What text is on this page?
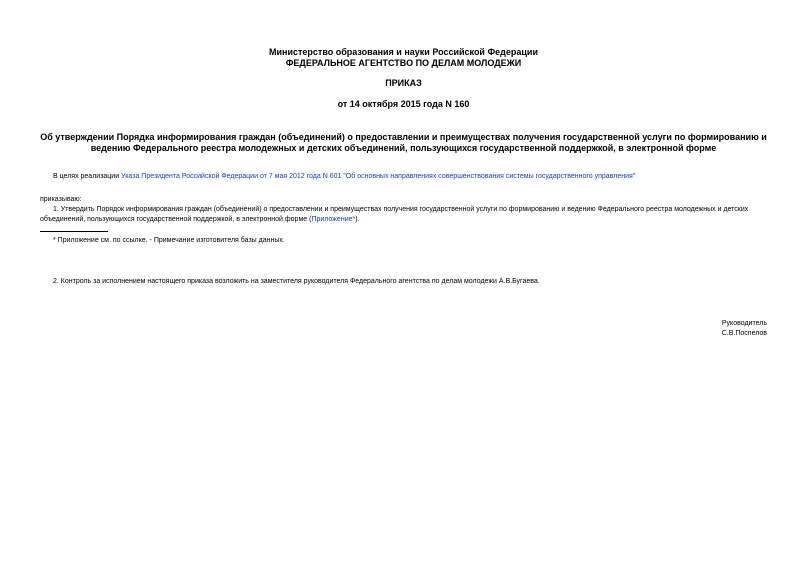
Министерство образования и науки Российской Федерации
ФЕДЕРАЛЬНОЕ АГЕНТСТВО ПО ДЕЛАМ МОЛОДЕЖИ
ПРИКАЗ
от 14 октября 2015 года N 160
Об утверждении Порядка информирования граждан (объединений) о предоставлении и преимуществах получения государственной услуги по формированию и
ведению Федерального реестра молодежных и детских объединений, пользующихся государственной поддержкой, в электронной форме
В целях реализации Указа Президента Российской Федерации от 7 мая 2012 года N 601 "Об основных направлениях совершенствования системы государственного управления"
приказываю:
1. Утвердить Порядок информирования граждан (объединений) о предоставлении и преимуществах получения государственной услуги по формированию и ведению Федерального реестра молодежных и детских
объединений, пользующихся государственной поддержкой, в электронной форме (Приложение*).
* Приложение см. по ссылке. - Примечание изготовителя базы данных.
2. Контроль за исполнением настоящего приказа возложить на заместителя руководителя Федерального агентства по делам молодежи А.В.Бугаева.
Руководитель
С.В.Поспелов
